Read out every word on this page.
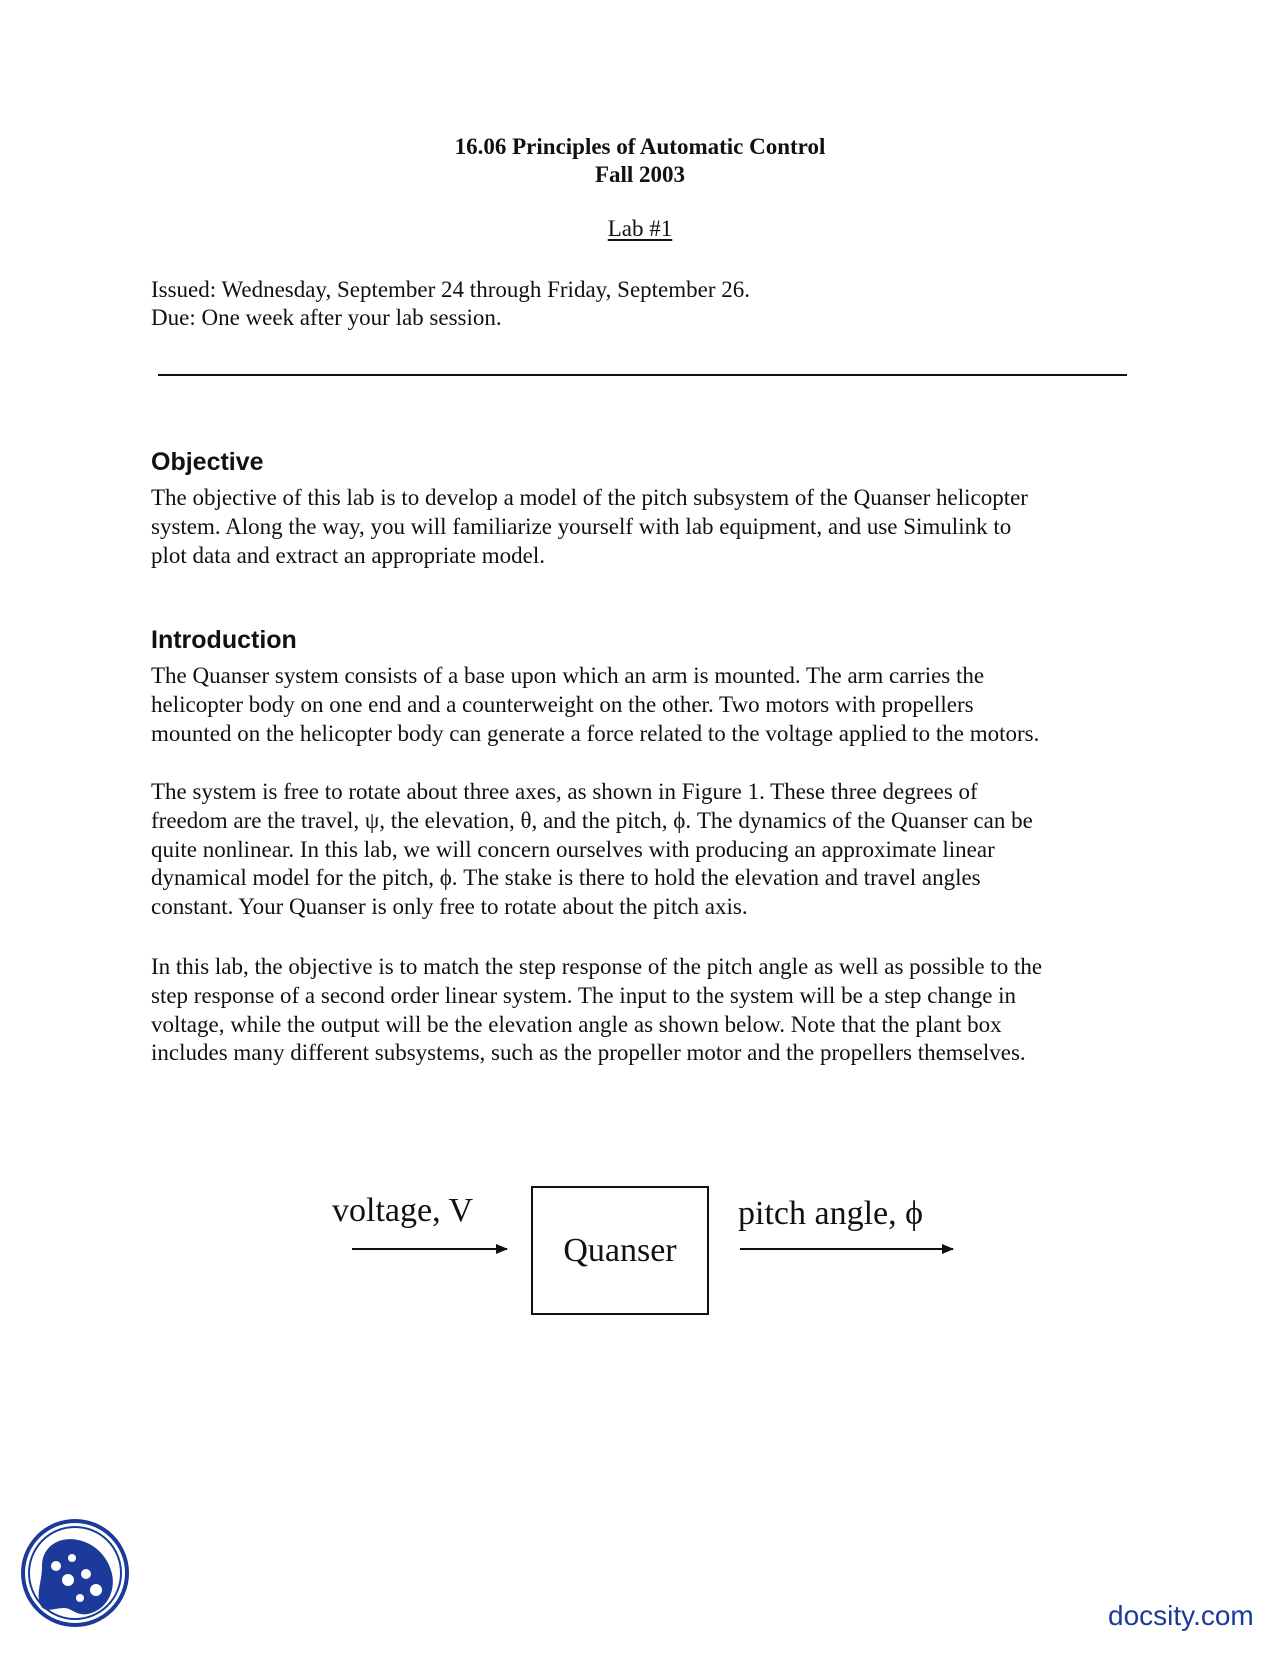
16.06 Principles of Automatic Control
Fall 2003
Lab #1
Issued: Wednesday, September 24 through Friday, September 26.
Due: One week after your lab session.
Objective
The objective of this lab is to develop a model of the pitch subsystem of the Quanser helicopter
system. Along the way, you will familiarize yourself with lab equipment, and use Simulink to
plot data and extract an appropriate model.
Introduction
The Quanser system consists of a base upon which an arm is mounted. The arm carries the
helicopter body on one end and a counterweight on the other. Two motors with propellers
mounted on the helicopter body can generate a force related to the voltage applied to the motors.
The system is free to rotate about three axes, as shown in Figure 1. These three degrees of
freedom are the travel, ψ, the elevation, θ, and the pitch, ϕ. The dynamics of the Quanser can be
quite nonlinear. In this lab, we will concern ourselves with producing an approximate linear
dynamical model for the pitch, ϕ. The stake is there to hold the elevation and travel angles
constant. Your Quanser is only free to rotate about the pitch axis.
In this lab, the objective is to match the step response of the pitch angle as well as possible to the
step response of a second order linear system. The input to the system will be a step change in
voltage, while the output will be the elevation angle as shown below. Note that the plant box
includes many different subsystems, such as the propeller motor and the propellers themselves.
voltage, V
Quanser
pitch angle, ϕ
docsity.com
